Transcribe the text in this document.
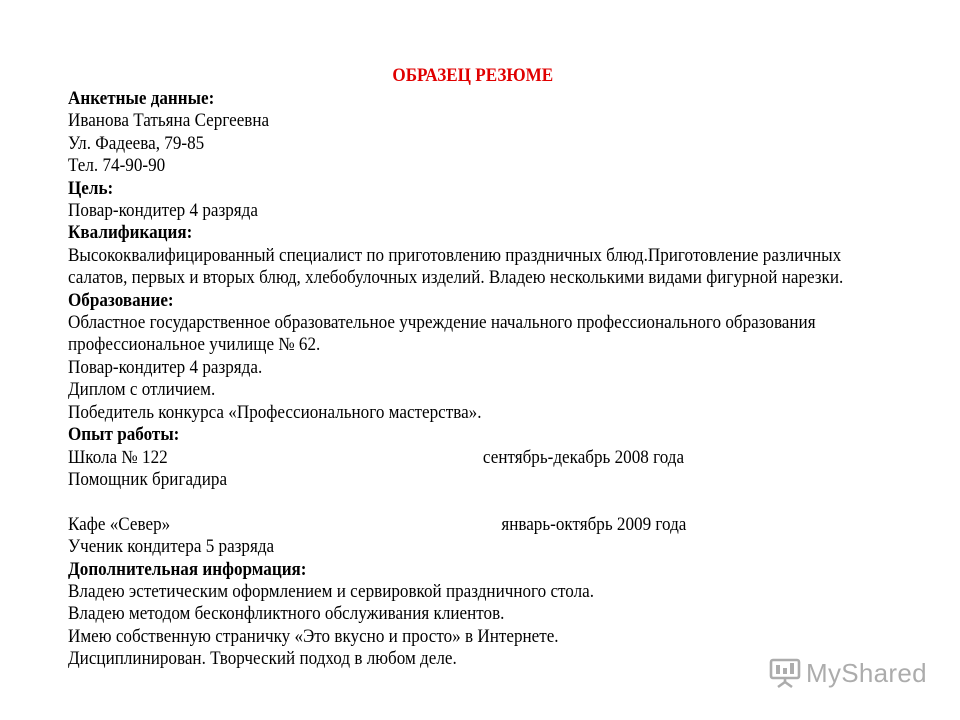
ОБРАЗЕЦ РЕЗЮМЕ
Анкетные данные:
Иванова Татьяна Сергеевна
Ул. Фадеева, 79-85
Тел. 74-90-90
Цель:
Повар-кондитер 4 разряда
Квалификация:
Высококвалифицированный специалист по приготовлению праздничных блюд.Приготовление различных
салатов, первых и вторых блюд, хлебобулочных изделий. Владею несколькими видами фигурной нарезки.
Образование:
Областное государственное образовательное учреждение начального профессионального образования
профессиональное училище № 62.
Повар-кондитер 4 разряда.
Диплом с отличием.
Победитель конкурса «Профессионального мастерства».
Опыт работы:
Школа № 122	сентябрь-декабрь 2008 года
Помощник бригадира
Кафе «Север»	январь-октябрь 2009 года
Ученик кондитера 5 разряда
Дополнительная информация:
Владею эстетическим оформлением и сервировкой праздничного стола.
Владею методом бесконфликтного обслуживания клиентов.
Имею собственную страничку «Это вкусно и просто» в Интернете.
Дисциплинирован. Творческий подход в любом деле.	MyShared
